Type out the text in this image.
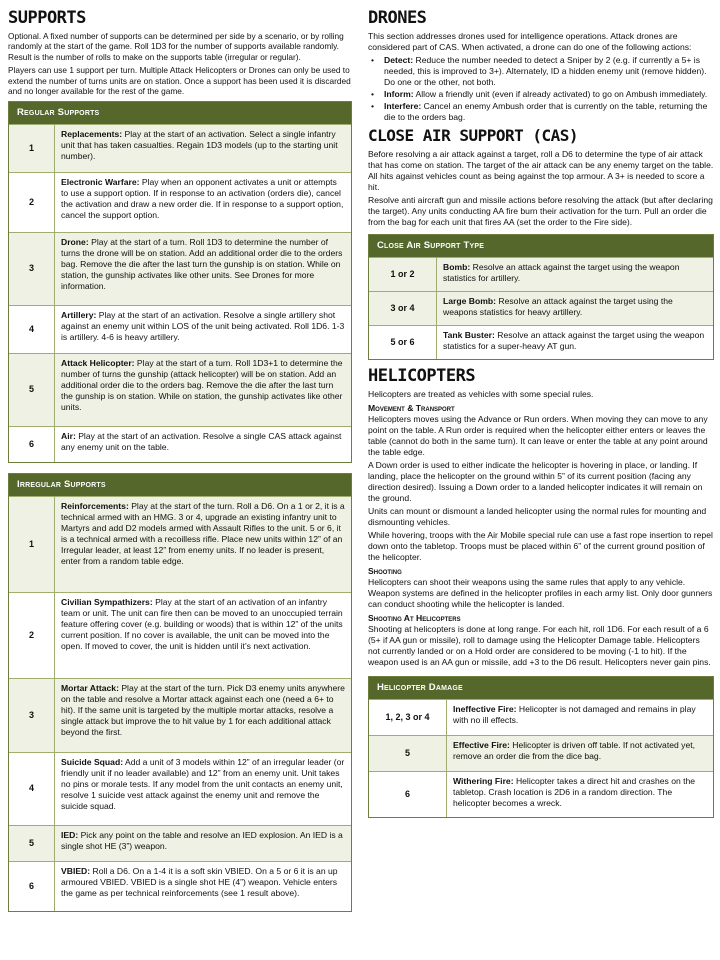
SUPPORTS

Optional. A fixed number of supports can be determined per side by a scenario, or by rolling randomly at the start of the game. Roll 1D3 for the number of supports available randomly. Result is the number of rolls to make on the supports table (irregular or regular).

Players can use 1 support per turn. Multiple Attack Helicopters or Drones can only be used to extend the number of turns units are on station. Once a support has been used it is discarded and no longer available for the rest of the game.

Regular Supports
1
Replacements: Play at the start of an activation. Select a single infantry unit that has taken casualties. Regain 1D3 models (up to the starting unit number).
2
Electronic Warfare: Play when an opponent activates a unit or attempts to use a support option. If in response to an activation (orders die), cancel the activation and draw a new order die. If in response to a support option, cancel the support option.
3
Drone: Play at the start of a turn. Roll 1D3 to determine the number of turns the drone will be on station. Add an additional order die to the orders bag. Remove the die after the last turn the gunship is on station. While on station, the gunship activates like other units. See Drones for more information.
4
Artillery: Play at the start of an activation. Resolve a single artillery shot against an enemy unit within LOS of the unit being activated. Roll 1D6. 1-3 is artillery. 4-6 is heavy artillery.
5
Attack Helicopter: Play at the start of a turn. Roll 1D3+1 to determine the number of turns the gunship (attack helicopter) will be on station. Add an additional order die to the orders bag. Remove the die after the last turn the gunship is on station. While on station, the gunship activates like other units.
6
Air: Play at the start of an activation. Resolve a single CAS attack against any enemy unit on the table.
Irregular Supports
1
Reinforcements: Play at the start of the turn. Roll a D6. On a 1 or 2, it is a technical armed with an HMG. 3 or 4, upgrade an existing infantry unit to Martyrs and add D2 models armed with Assault Rifles to the unit. 5 or 6, it is a technical armed with a recoilless rifle. Place new units within 12” of an Irregular leader, at least 12” from enemy units. If no leader is present, enter from a random table edge.
2
Civilian Sympathizers: Play at the start of an activation of an infantry team or unit. The unit can fire then can be moved to an unoccupied terrain feature offering cover (e.g. building or woods) that is within 12” of the units current position. If no cover is available, the unit can be moved into the open. If moved to cover, the unit is hidden until it’s next activation.
3
Mortar Attack: Play at the start of the turn. Pick D3 enemy units anywhere on the table and resolve a Mortar attack against each one (need a 6+ to hit). If the same unit is targeted by the multiple mortar attacks, resolve a single attack but improve the to hit value by 1 for each additional attack beyond the first.
4
Suicide Squad: Add a unit of 3 models within 12” of an irregular leader (or friendly unit if no leader available) and 12” from an enemy unit. Unit takes no pins or morale tests. If any model from the unit contacts an enemy unit, resolve 1 suicide vest attack against the enemy unit and remove the suicide squad.
5
IED: Pick any point on the table and resolve an IED explosion. An IED is a single shot HE (3”) weapon.
6
VBIED: Roll a D6. On a 1-4 it is a soft skin VBIED. On a 5 or 6 it is an up armoured VBIED. VBIED is a single shot HE (4”) weapon. Vehicle enters the game as per technical reinforcements (see 1 result above).
DRONES

This section addresses drones used for intelligence operations. Attack drones are considered part of CAS. When activated, a drone can do one of the following actions:

•	Detect: Reduce the number needed to detect a Sniper by 2 (e.g. if currently a 5+ is needed, this is improved to 3+). Alternately, ID a hidden enemy unit (remove hidden). Do one or the other, not both.
•	Inform: Allow a friendly unit (even if already activated) to go on Ambush immediately.
•	Interfere: Cancel an enemy Ambush order that is currently on the table, returning the die to the orders bag.
CLOSE AIR SUPPORT (CAS)

Before resolving a air attack against a target, roll a D6 to determine the type of air attack that has come on station. The target of the air attack can be any enemy target on the table. All hits against vehicles count as being against the top armour. A 3+ is needed to score a hit.

Resolve anti aircraft gun and missile actions before resolving the attack (but after declaring the target). Any units conducting AA fire burn their activation for the turn. Pull an order die from the bag for each unit that fires AA (set the order to the Fire side).

Close Air Support Type
1 or 2
Bomb: Resolve an attack against the target using the weapon statistics for artillery.
3 or 4
Large Bomb: Resolve an attack against the target using the weapons statistics for heavy artillery.
5 or 6
Tank Buster: Resolve an attack against the target using the weapon statistics for a super-heavy AT gun.
HELICOPTERS

Helicopters are treated as vehicles with some special rules.

Movement & Transport

Helicopters moves using the Advance or Run orders. When moving they can move to any point on the table. A Run order is required when the helicopter either enters or leaves the table (cannot do both in the same turn). It can leave or enter the table at any point around the table edge.

A Down order is used to either indicate the helicopter is hovering in place, or landing. If landing, place the helicopter on the ground within 5” of its current position (facing any direction desired). Issuing a Down order to a landed helicopter indicates it will remain on the ground.

Units can mount or dismount a landed helicopter using the normal rules for mounting and dismounting vehicles.

While hovering, troops with the Air Mobile special rule can use a fast rope insertion to repel down onto the tabletop. Troops must be placed within 6” of the current ground position of the helicopter.

Shooting

Helicopters can shoot their weapons using the same rules that apply to any vehicle. Weapon systems are defined in the helicopter profiles in each army list. Only door gunners can conduct shooting while the helicopter is landed.

Shooting At Helicopters

Shooting at helicopters is done at long range. For each hit, roll 1D6. For each result of a 6 (5+ if AA gun or missile), roll to damage using the Helicopter Damage table. Helicopters not currently landed or on a Hold order are considered to be moving (-1 to hit). If the weapon used is an AA gun or missile, add +3 to the D6 result. Helicopters never gain pins.

Helicopter Damage
1, 2, 3 or 4
Ineffective Fire: Helicopter is not damaged and remains in play with no ill effects.
5
Effective Fire: Helicopter is driven off table. If not activated yet, remove an order die from the dice bag.
6
Withering Fire: Helicopter takes a direct hit and crashes on the tabletop. Crash location is 2D6 in a random direction. The helicopter becomes a wreck.
